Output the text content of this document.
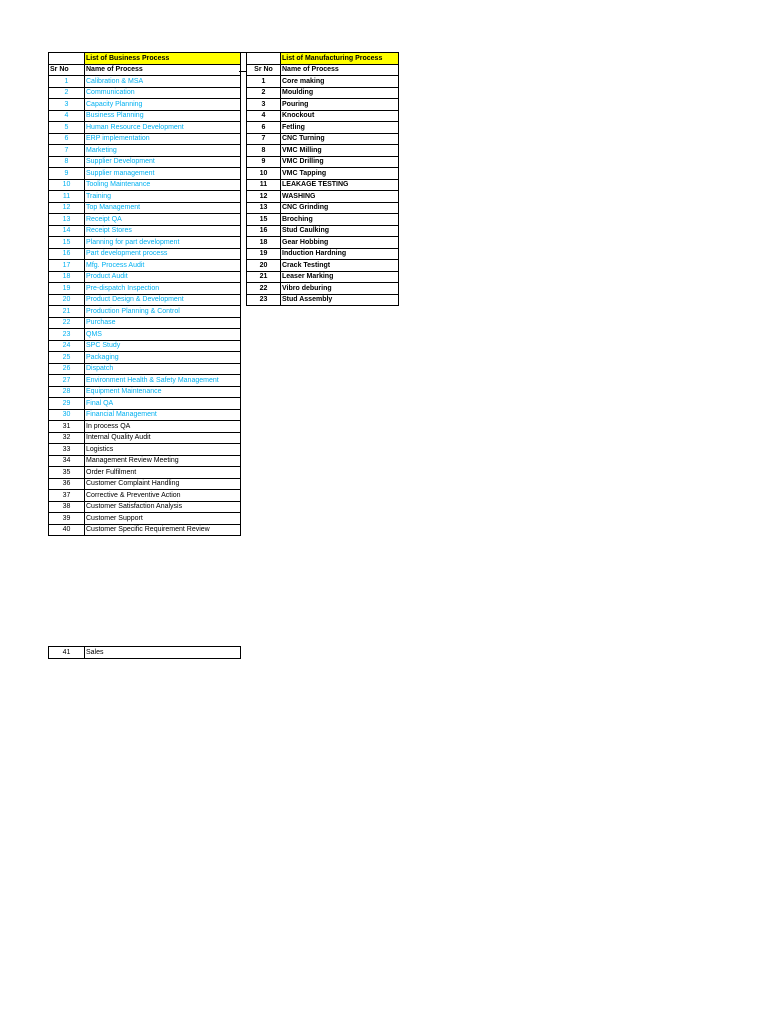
	List of Business Process
Sr No	Name of Process
1	Calibration & MSA
2	Communication
3	Capacity Planning
4	Business Planning
5	Human Resource Development
6	ERP implementation
7	Marketing
8	Supplier Development
9	Supplier management
10	Tooling Maintenance
11	Training
12	Top Management
13	Receipt QA
14	Receipt Stores
15	Planning for part development
16	Part development process
17	Mfg. Process Audit
18	Product Audit
19	Pre-dispatch Inspection
20	Product Design & Development
21	Production Planning & Control
22	Purchase
23	QMS
24	SPC Study
25	Packaging
26	Dispatch
27	Environment Health & Safety Management
28	Equipment Maintenance
29	Final QA
30	Financial Management
31	In process QA
32	Internal Quality Audit
33	Logistics
34	Management Review Meeting
35	Order Fulfilment
36	Customer Complaint Handling
37	Corrective & Preventive Action
38	Customer Satisfaction Analysis
39	Customer Support
40	Customer Specific Requirement Review
	List of Manufacturing Process
Sr No	Name of Process
1	Core making
2	Moulding
3	Pouring
4	Knockout
6	Fetling
7	CNC Turning
8	VMC Milling
9	VMC Drilling
10	VMC Tapping
11	LEAKAGE TESTING
12	WASHING
13	CNC Grinding
15	Broching
16	Stud Caulking
18	Gear Hobbing
19	Induction Hardning
20	Crack Testingt
21	Leaser Marking
22	Vibro deburing
23	Stud Assembly
41	Sales
